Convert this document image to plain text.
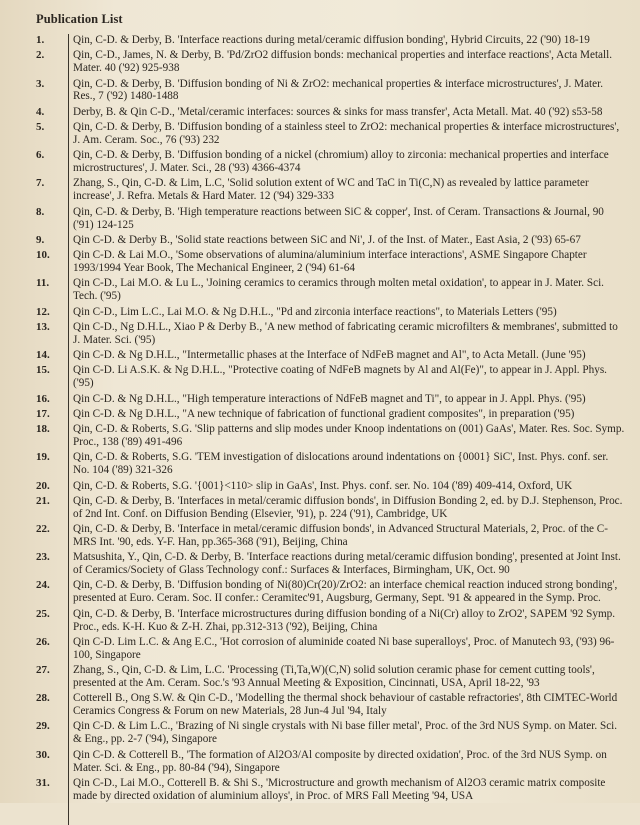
Publication List
1.	Qin, C-D. & Derby, B. 'Interface reactions during metal/ceramic diffusion bonding', Hybrid Circuits, 22 ('90) 18-19
2.	Qin, C-D., James, N. & Derby, B. 'Pd/ZrO2 diffusion bonds: mechanical properties and interface reactions', Acta Metall. Mater. 40 ('92) 925-938
3.	Qin, C-D. & Derby, B. 'Diffusion bonding of Ni & ZrO2: mechanical properties & interface microstructures', J. Mater. Res., 7 ('92) 1480-1488
4.	Derby, B. & Qin C-D., 'Metal/ceramic interfaces: sources & sinks for mass transfer', Acta Metall. Mat. 40 ('92) s53-58
5.	Qin, C-D. & Derby, B. 'Diffusion bonding of a stainless steel to ZrO2: mechanical properties & interface microstructures', J. Am. Ceram. Soc., 76 ('93) 232
6.	Qin, C-D. & Derby, B. 'Diffusion bonding of a nickel (chromium) alloy to zirconia: mechanical properties and interface microstructures', J. Mater. Sci., 28 ('93) 4366-4374
7.	Zhang, S., Qin, C-D. & Lim, L.C, 'Solid solution extent of WC and TaC in Ti(C,N) as revealed by lattice parameter increase', J. Refra. Metals & Hard Mater. 12 ('94) 329-333
8.	Qin, C-D. & Derby, B. 'High temperature reactions between SiC & copper', Inst. of Ceram. Transactions & Journal, 90 ('91) 124-125
9.	Qin C-D. & Derby B., 'Solid state reactions between SiC and Ni', J. of the Inst. of Mater., East Asia, 2 ('93) 65-67
10.	Qin C-D. & Lai M.O., 'Some observations of alumina/aluminium interface interactions', ASME Singapore Chapter 1993/1994 Year Book, The Mechanical Engineer, 2 ('94) 61-64
11.	Qin C-D., Lai M.O. & Lu L., 'Joining ceramics to ceramics through molten metal oxidation', to appear in J. Mater. Sci. Tech. ('95)
12.	Qin C-D., Lim L.C., Lai M.O. & Ng D.H.L., "Pd and zirconia interface reactions", to Materials Letters ('95)
13.	Qin C-D., Ng D.H.L., Xiao P & Derby B., 'A new method of fabricating ceramic microfilters & membranes', submitted to J. Mater. Sci. ('95)
14.	Qin C-D. & Ng D.H.L., "Intermetallic phases at the Interface of NdFeB magnet and Al", to Acta Metall. (June '95)
15.	Qin C-D. Li A.S.K. & Ng D.H.L., "Protective coating of NdFeB magnets by Al and Al(Fe)", to appear in J. Appl. Phys. ('95)
16.	Qin C-D. & Ng D.H.L., "High temperature interactions of NdFeB magnet and Ti", to appear in J. Appl. Phys. ('95)
17.	Qin C-D. & Ng D.H.L., "A new technique of fabrication of functional gradient composites", in preparation ('95)
18.	Qin, C-D. & Roberts, S.G. 'Slip patterns and slip modes under Knoop indentations on (001) GaAs', Mater. Res. Soc. Symp. Proc., 138 ('89) 491-496
19.	Qin, C-D. & Roberts, S.G. 'TEM investigation of dislocations around indentations on {0001} SiC', Inst. Phys. conf. ser. No. 104 ('89) 321-326
20.	Qin, C-D. & Roberts, S.G. '{001}<110> slip in GaAs', Inst. Phys. conf. ser. No. 104 ('89) 409-414, Oxford, UK
21.	Qin, C-D. & Derby, B. 'Interfaces in metal/ceramic diffusion bonds', in Diffusion Bonding 2, ed. by D.J. Stephenson, Proc. of 2nd Int. Conf. on Diffusion Bending (Elsevier, '91), p. 224 ('91), Cambridge, UK
22.	Qin, C-D. & Derby, B. 'Interface in metal/ceramic diffusion bonds', in Advanced Structural Materials, 2, Proc. of the C-MRS Int. '90, eds. Y-F. Han, pp.365-368 ('91), Beijing, China
23.	Matsushita, Y., Qin, C-D. & Derby, B. 'Interface reactions during metal/ceramic diffusion bonding', presented at Joint Inst. of Ceramics/Society of Glass Technology conf.: Surfaces & Interfaces, Birmingham, UK, Oct. 90
24.	Qin, C-D. & Derby, B. 'Diffusion bonding of Ni(80)Cr(20)/ZrO2: an interface chemical reaction induced strong bonding', presented at Euro. Ceram. Soc. II confer.: Ceramitec'91, Augsburg, Germany, Sept. '91 & appeared in the Symp. Proc.
25.	Qin, C-D. & Derby, B. 'Interface microstructures during diffusion bonding of a Ni(Cr) alloy to ZrO2', SAPEM '92 Symp. Proc., eds. K-H. Kuo & Z-H. Zhai, pp.312-313 ('92), Beijing, China
26.	Qin C-D. Lim L.C. & Ang E.C., 'Hot corrosion of aluminide coated Ni base superalloys', Proc. of Manutech 93, ('93) 96-100, Singapore
27.	Zhang, S., Qin, C-D. & Lim, L.C. 'Processing (Ti,Ta,W)(C,N) solid solution ceramic phase for cement cutting tools', presented at the Am. Ceram. Soc.'s '93 Annual Meeting & Exposition, Cincinnati, USA, April 18-22, '93
28.	Cotterell B., Ong S.W. & Qin C-D., 'Modelling the thermal shock behaviour of castable refractories', 8th CIMTEC-World Ceramics Congress & Forum on new Materials, 28 Jun-4 Jul '94, Italy
29.	Qin C-D. & Lim L.C., 'Brazing of Ni single crystals with Ni base filler metal', Proc. of the 3rd NUS Symp. on Mater. Sci. & Eng., pp. 2-7 ('94), Singapore
30.	Qin C-D. & Cotterell B., 'The formation of Al2O3/Al composite by directed oxidation', Proc. of the 3rd NUS Symp. on Mater. Sci. & Eng., pp. 80-84 ('94), Singapore
31.	Qin C-D., Lai M.O., Cotterell B. & Shi S., 'Microstructure and growth mechanism of Al2O3 ceramic matrix composite made by directed oxidation of aluminium alloys', in Proc. of MRS Fall Meeting '94, USA
